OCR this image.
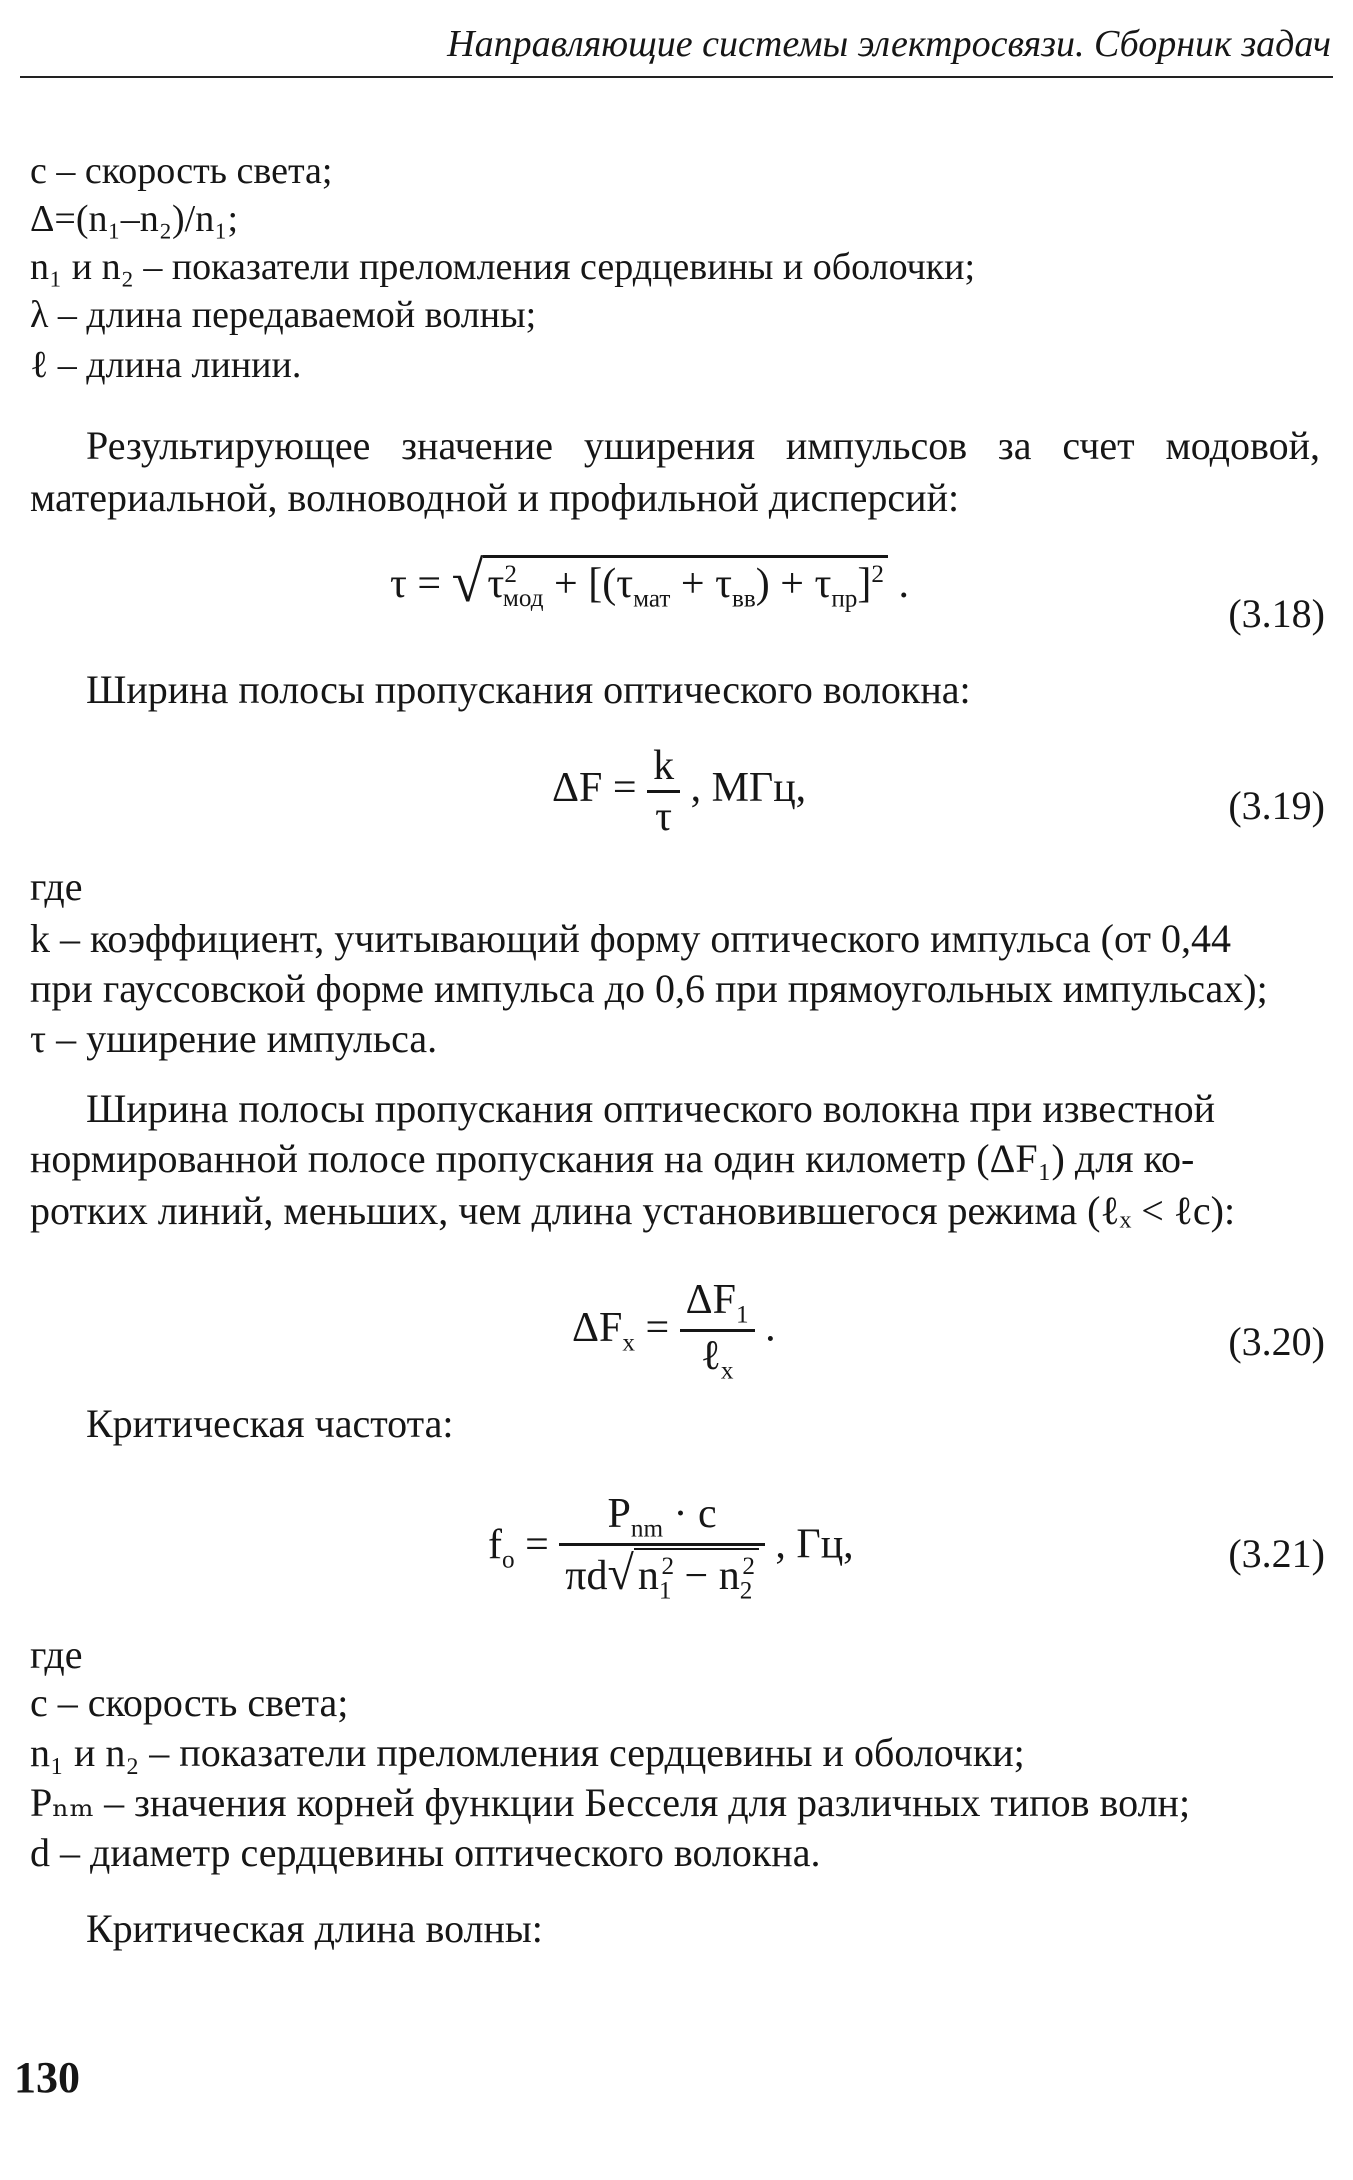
Направляющие системы электросвязи. Сборник задач
c – скорость света;
Δ=(n₁–n₂)/n₁;
n₁ и n₂ – показатели преломления сердцевины и оболочки;
λ – длина передаваемой волны;
ℓ – длина линии.
Результирующее значение уширения импульсов за счет модовой, материальной, волноводной и профильной дисперсий:
$\tau = √\tau^2_{мод} + [(\tau_{мат} + \tau_{вв}) + \tau_{пр}]^2$ .
(3.18)
Ширина полосы пропускания оптического волокна:
$\Delta F = \frac{k}{\tau}$ , МГц,	(3.19)
где
k – коэффициент, учитывающий форму оптического импульса (от 0,44
при гауссовской форме импульса до 0,6 при прямоугольных импульсах);
τ – уширение импульса.
Ширина полосы пропускания оптического волокна при известной
нормированной полосе пропускания на один километр (ΔF₁) для ко-
ротких линий, меньших, чем длина установившегося режима (ℓₓ < ℓc):
$\Delta F_x = \frac{\Delta F_1}{\ell_x}$ .	(3.20)
Критическая частота:
$f_o = \frac{P_{nm} \cdot c}{\pi d√n_1^2 - n_2^2}$ , Гц,	(3.21)
где
c – скорость света;
n₁ и n₂ – показатели преломления сердцевины и оболочки;
Pₙₘ – значения корней функции Бесселя для различных типов волн;
d – диаметр сердцевины оптического волокна.
Критическая длина волны:
130
